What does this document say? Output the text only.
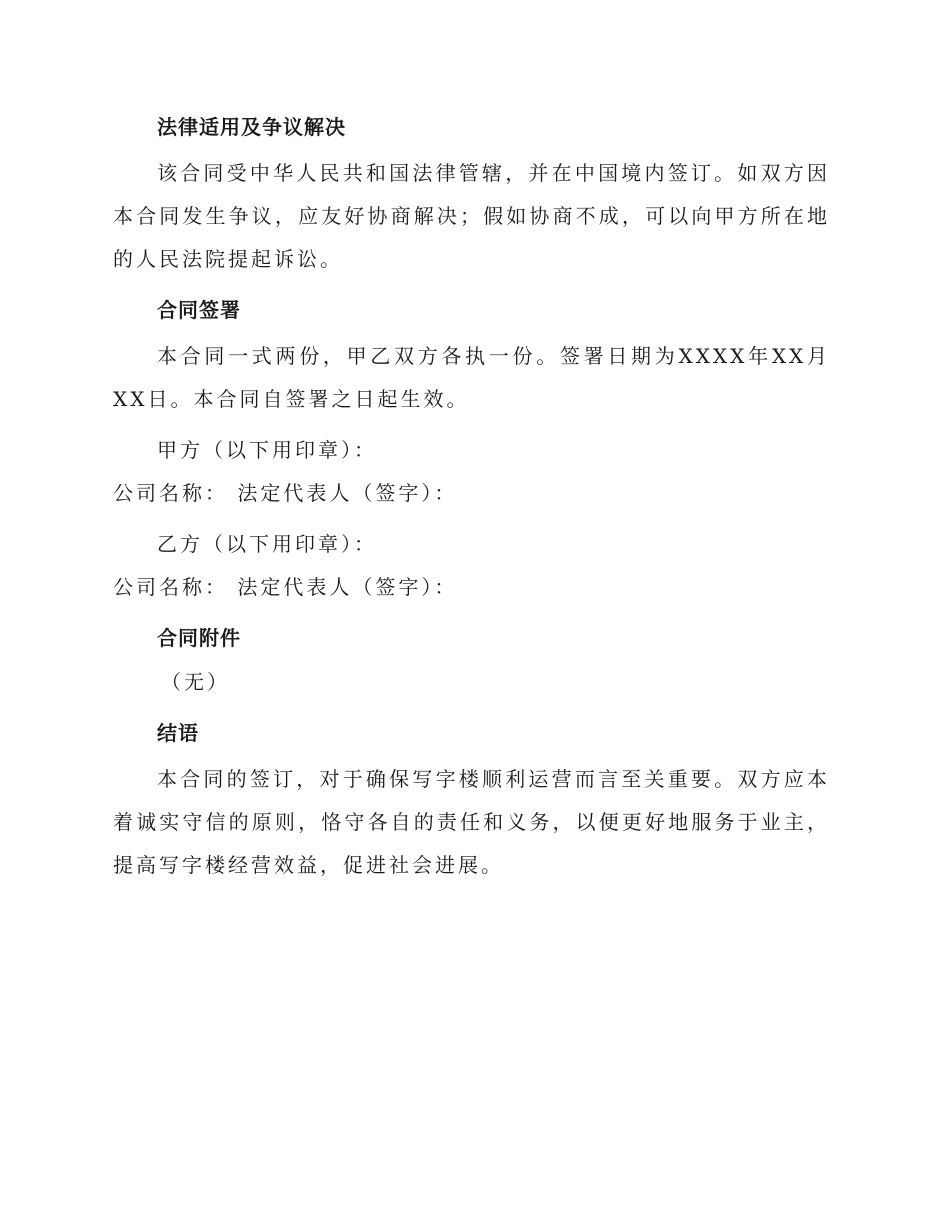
法律适用及争议解决

该合同受中华人民共和国法律管辖，并在中国境内签订。如双方因本合同发生争议，应友好协商解决；假如协商不成，可以向甲方所在地的人民法院提起诉讼。

合同签署

本合同一式两份，甲乙双方各执一份。签署日期为XXXX年XX月XX日。本合同自签署之日起生效。

甲方（以下用印章）：

公司名称： 法定代表人（签字）：

乙方（以下用印章）：

公司名称： 法定代表人（签字）：

合同附件

（无）

结语

本合同的签订，对于确保写字楼顺利运营而言至关重要。双方应本着诚实守信的原则，恪守各自的责任和义务，以便更好地服务于业主，提高写字楼经营效益，促进社会进展。
